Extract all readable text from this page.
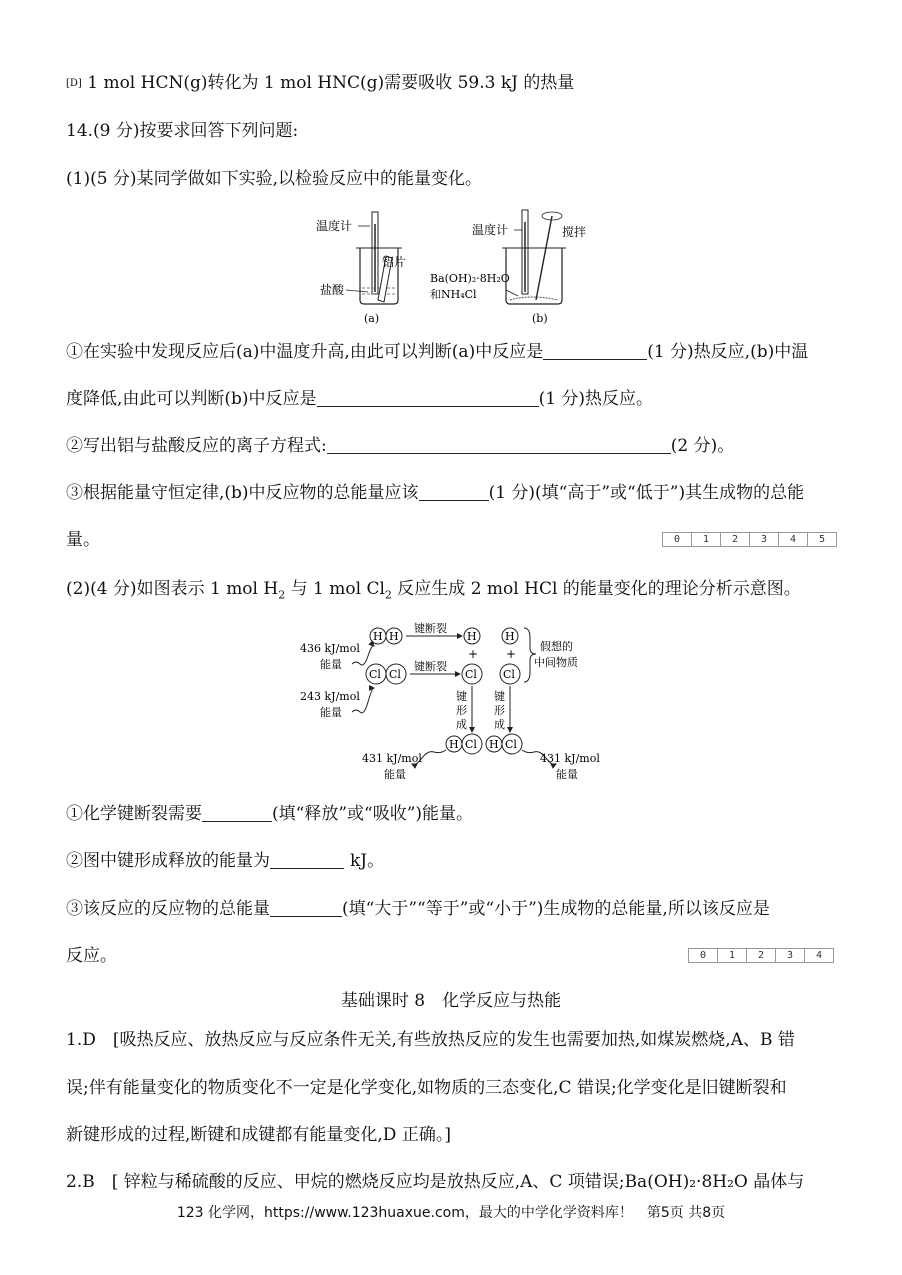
[D] 1 mol HCN(g)转化为 1 mol HNC(g)需要吸收 59.3 kJ 的热量
14.(9 分)按要求回答下列问题:
(1)(5 分)某同学做如下实验,以检验反应中的能量变化。
温度计
铝片
盐酸
(a)
温度计	搅拌
Ba(OH)₂·8H₂O
和NH₄Cl
(b)
①在实验中发现反应后(a)中温度升高,由此可以判断(a)中反应是	(1 分)热反应,(b)中温
度降低,由此可以判断(b)中反应是	(1 分)热反应。
②写出铝与盐酸反应的离子方程式:	(2 分)。
③根据能量守恒定律,(b)中反应物的总能量应该	(1 分)(填“高于”或“低于”)其生成物的总能
量。	0	1	2	3	4	5
(2)(4 分)如图表示 1 mol $H_2$ 与 1 mol $Cl_2$ 反应生成 2 mol HCl 的能量变化的理论分析示意图。
H H
键断裂
H	H
+ +
Cl Cl
键断裂
Cl Cl
假想的
中间物质
436 kJ/mol
能量
243 kJ/mol
能量
键
形
成
键
形
成
H Cl H Cl
431 kJ/mol
能量
431 kJ/mol
能量
①化学键断裂需要	(填“释放”或“吸收”)能量。
②图中键形成释放的能量为	kJ。
③该反应的反应物的总能量	(填“大于”“等于”或“小于”)生成物的总能量,所以该反应是
反应。	0	1	2	3	4
基础课时 8　化学反应与热能
1.D　[吸热反应、放热反应与反应条件无关,有些放热反应的发生也需要加热,如煤炭燃烧,A、B 错
误;伴有能量变化的物质变化不一定是化学变化,如物质的三态变化,C 错误;化学变化是旧键断裂和
新键形成的过程,断键和成键都有能量变化,D 正确。]
2.B　[ 锌粒与稀硫酸的反应、甲烷的燃烧反应均是放热反应,A、C 项错误;Ba(OH)₂·8H₂O 晶体与
123 化学网，https://www.123huaxue.com，最大的中学化学资料库！　第5页 共8页
